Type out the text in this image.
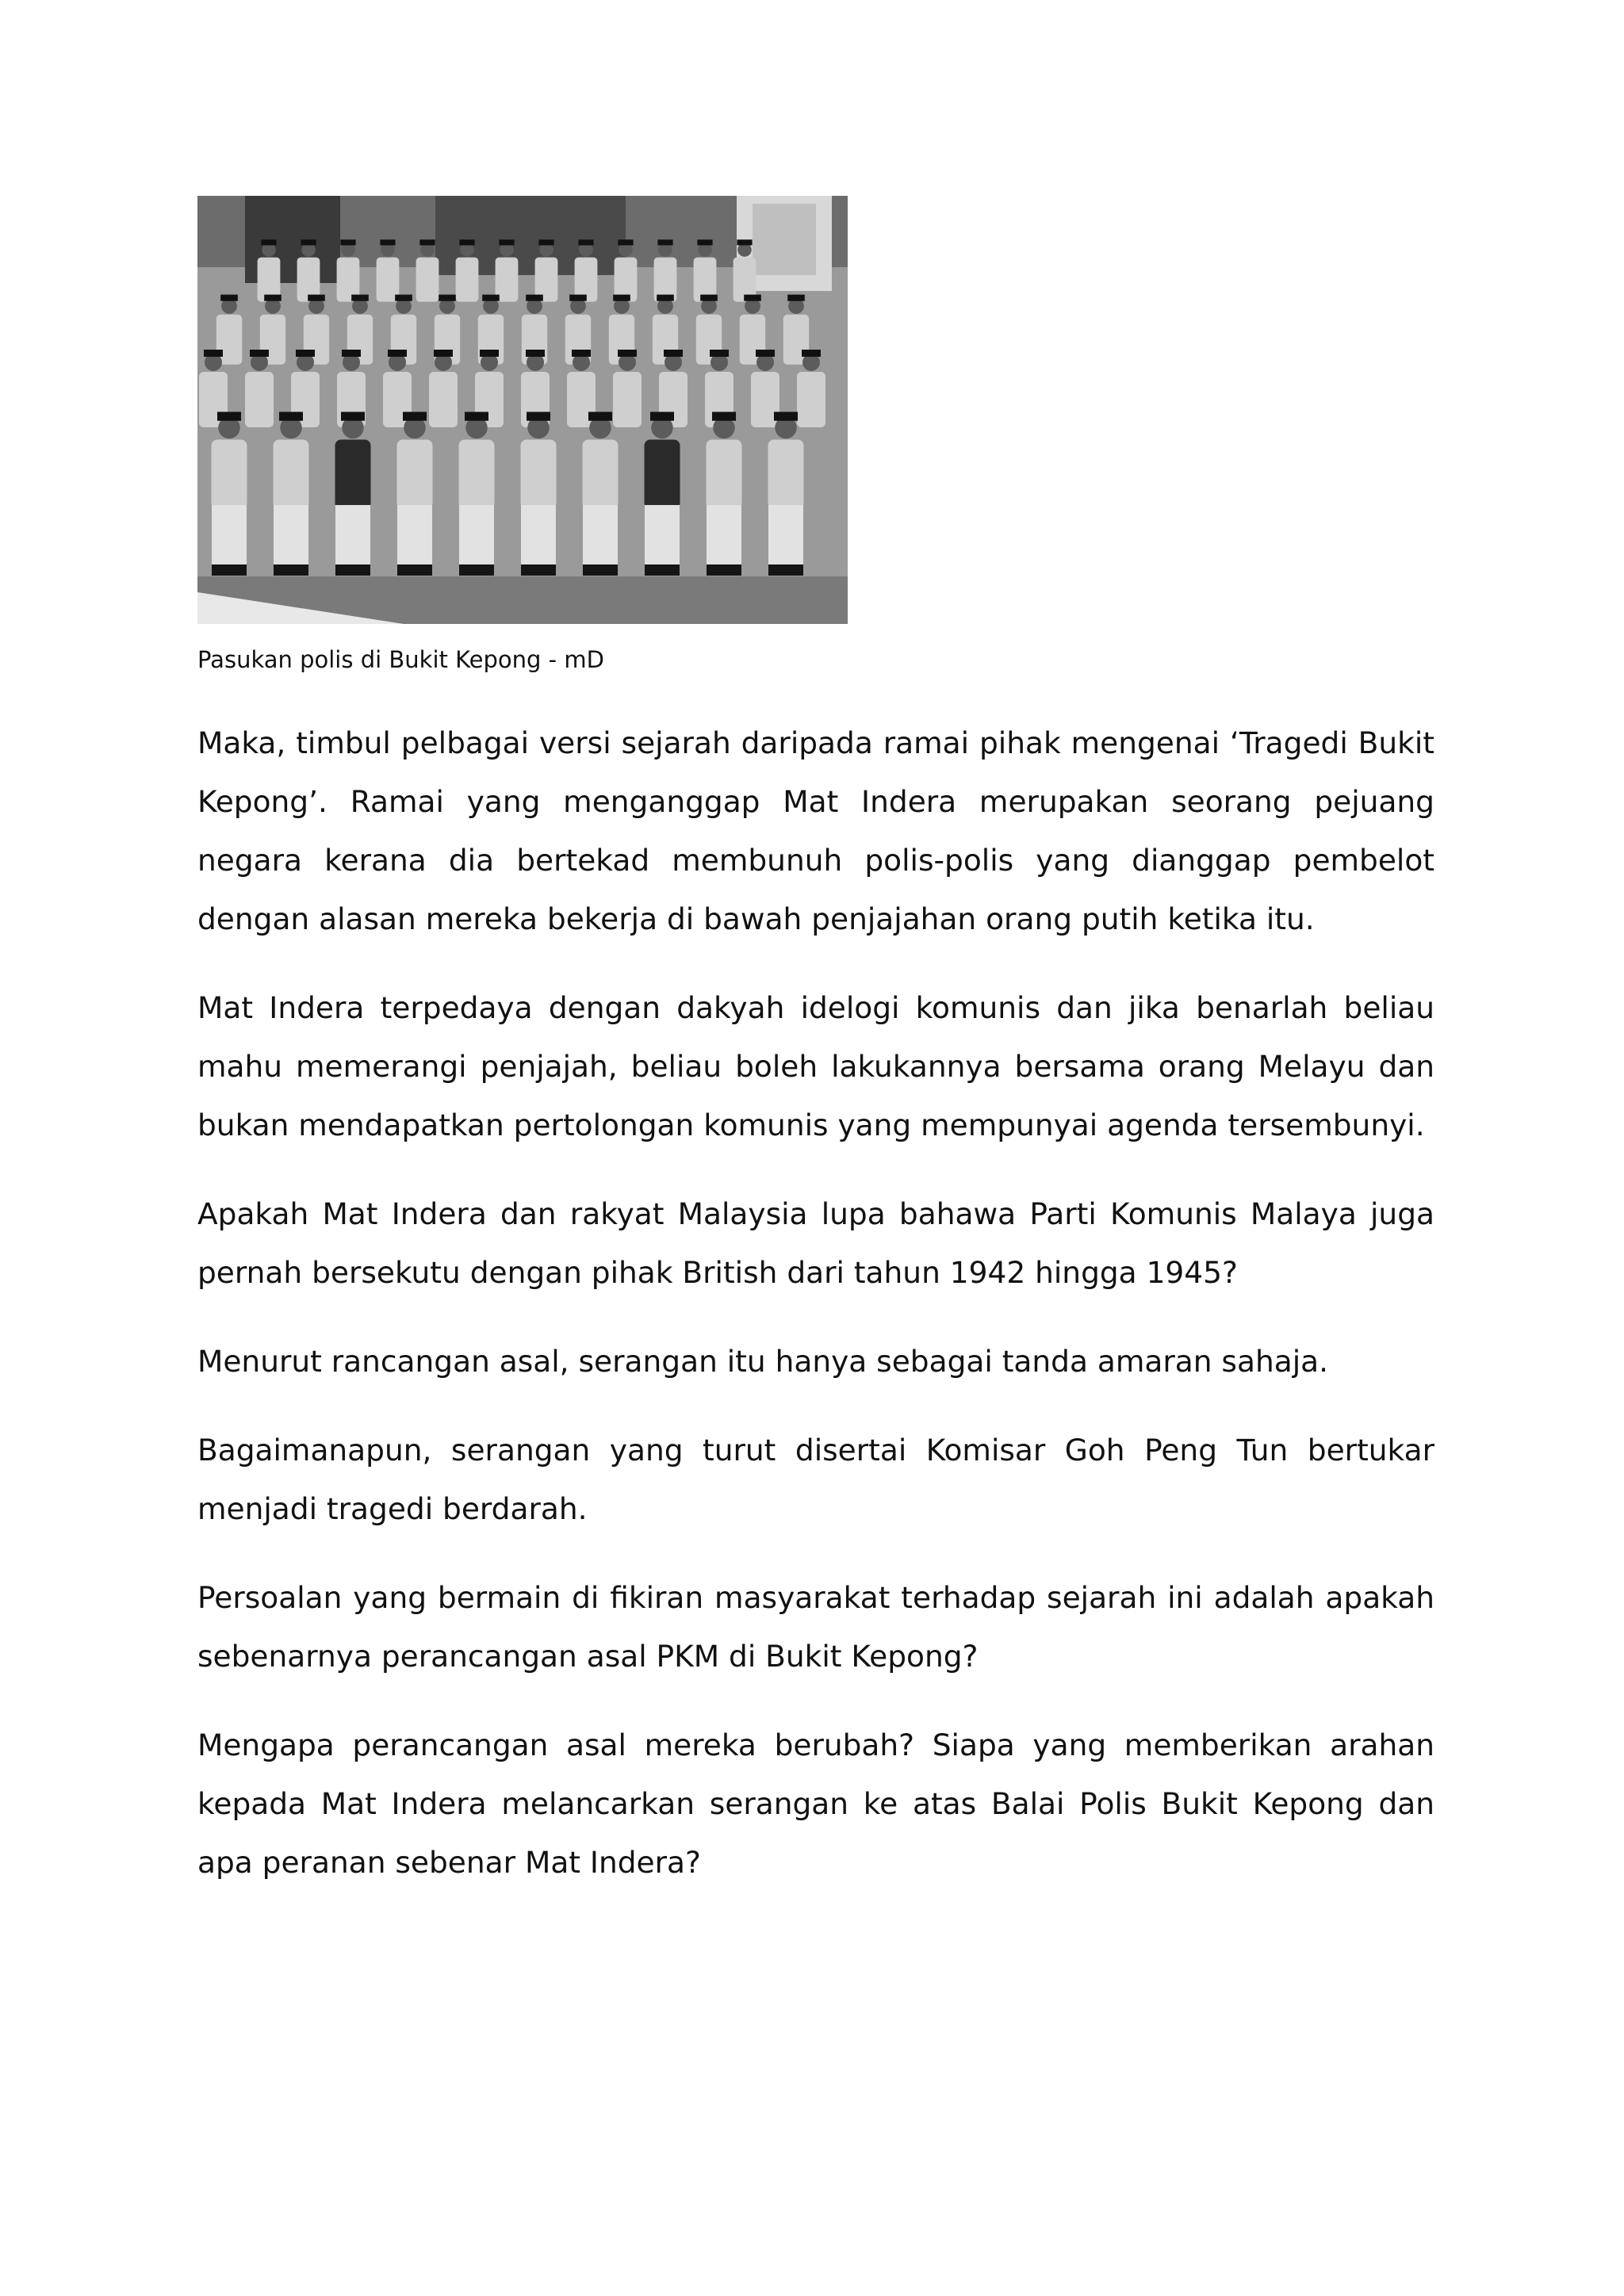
Pasukan polis di Bukit Kepong - mD

Maka, timbul pelbagai versi sejarah daripada ramai pihak mengenai ‘Tragedi Bukit Kepong’. Ramai yang menganggap Mat Indera merupakan seorang pejuang negara kerana dia bertekad membunuh polis-polis yang dianggap pembelot dengan alasan mereka bekerja di bawah penjajahan orang putih ketika itu.

Mat Indera terpedaya dengan dakyah idelogi komunis dan jika benarlah beliau mahu memerangi penjajah, beliau boleh lakukannya bersama orang Melayu dan bukan mendapatkan pertolongan komunis yang mempunyai agenda tersembunyi.

Apakah Mat Indera dan rakyat Malaysia lupa bahawa Parti Komunis Malaya juga pernah bersekutu dengan pihak British dari tahun 1942 hingga 1945?

Menurut rancangan asal, serangan itu hanya sebagai tanda amaran sahaja.

Bagaimanapun, serangan yang turut disertai Komisar Goh Peng Tun bertukar menjadi tragedi berdarah.

Persoalan yang bermain di fikiran masyarakat terhadap sejarah ini adalah apakah sebenarnya perancangan asal PKM di Bukit Kepong?

Mengapa perancangan asal mereka berubah? Siapa yang memberikan arahan kepada Mat Indera melancarkan serangan ke atas Balai Polis Bukit Kepong dan apa peranan sebenar Mat Indera?
